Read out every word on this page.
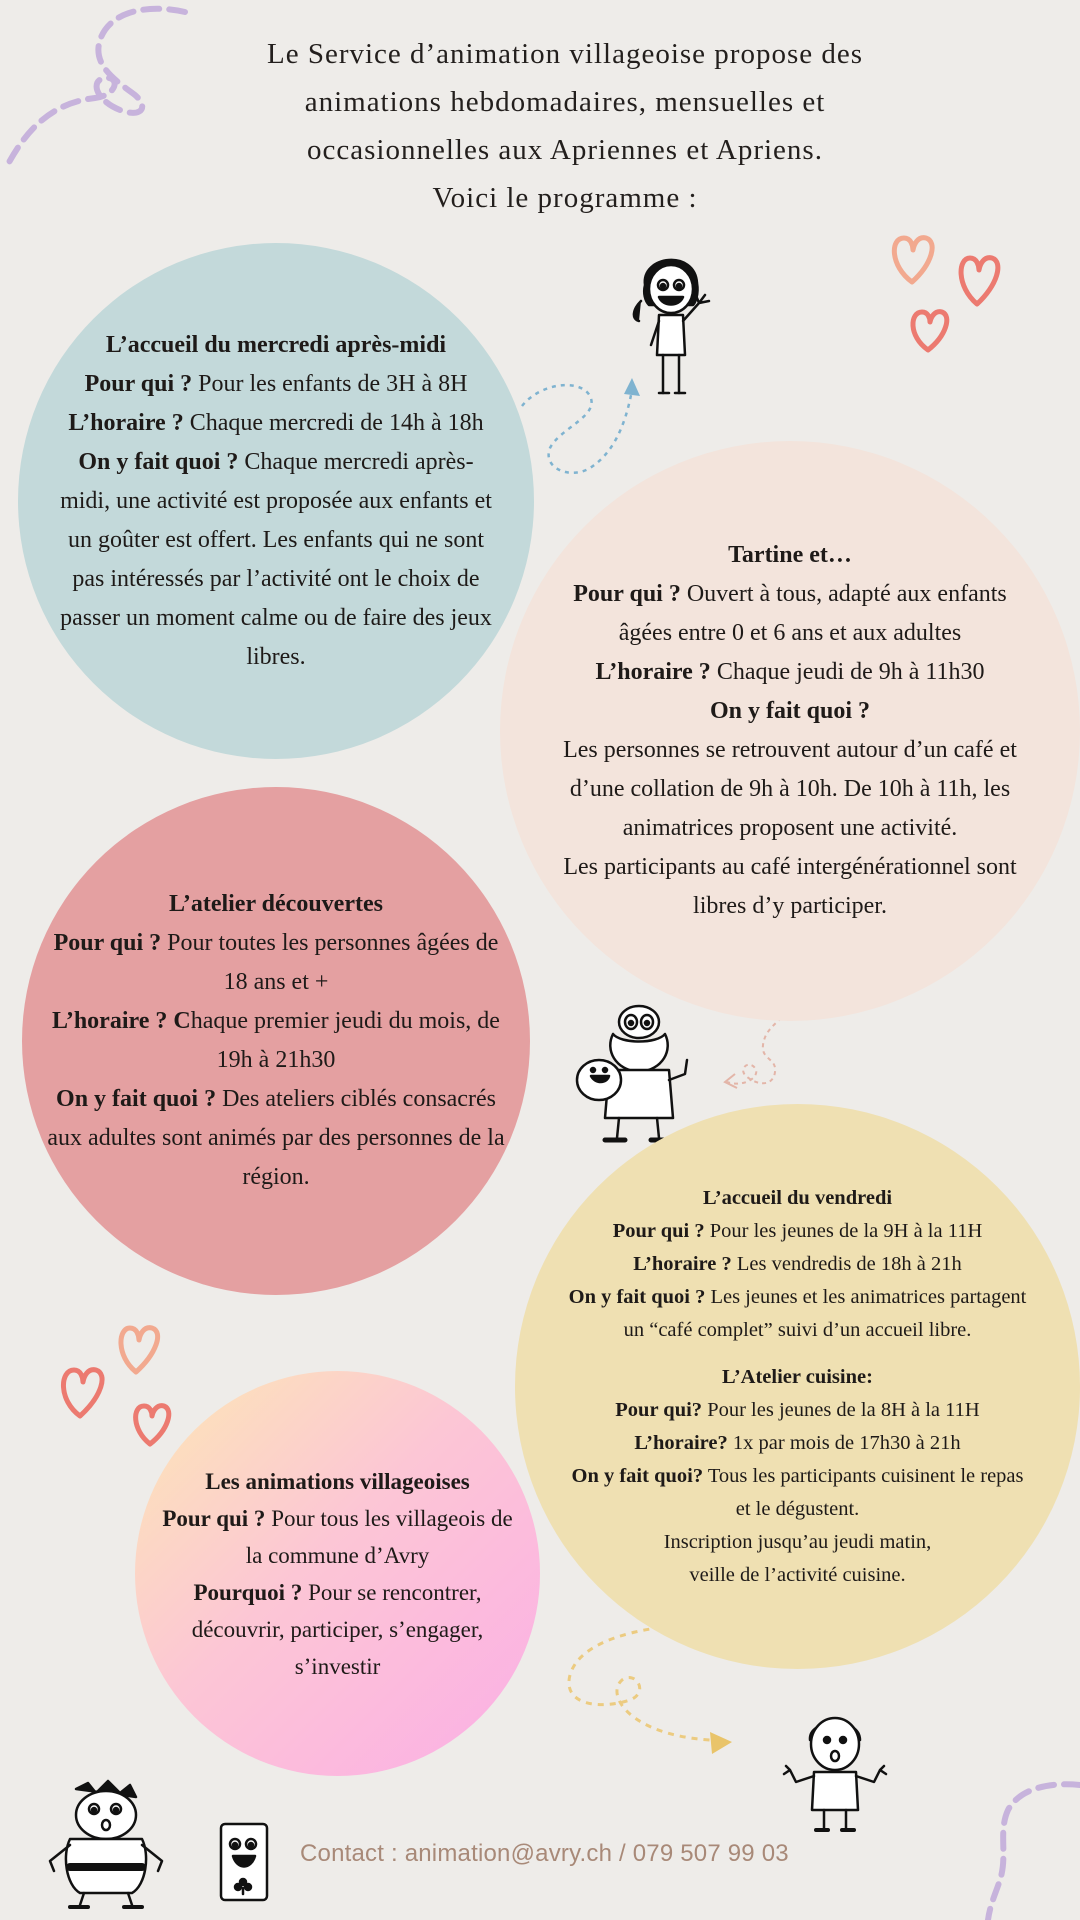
Le Service d’animation villageoise propose des
animations hebdomadaires, mensuelles et
occasionnelles aux Apriennes et Apriens.
Voici le programme :

L’accueil du mercredi après-midi

Pour qui ? Pour les enfants de 3H à 8H

L’horaire ? Chaque mercredi de 14h à 18h

On y fait quoi ? Chaque mercredi après-midi, une activité est proposée aux enfants et un goûter est offert. Les enfants qui ne sont pas intéressés par l’activité ont le choix de passer un moment calme ou de faire des jeux libres.

Tartine et…

Pour qui ? Ouvert à tous, adapté aux enfants âgées entre 0 et 6 ans et aux adultes

L’horaire ? Chaque jeudi de 9h à 11h30

On y fait quoi ?

Les personnes se retrouvent autour d’un café et d’une collation de 9h à 10h. De 10h à 11h, les animatrices proposent une activité.

Les participants au café intergénérationnel sont libres d’y participer.

L’atelier découvertes

Pour qui ? Pour toutes les personnes âgées de 18 ans et +

L’horaire ? Chaque premier jeudi du mois, de 19h à 21h30

On y fait quoi ? Des ateliers ciblés consacrés aux adultes sont animés par des personnes de la région.

L’accueil du vendredi

Pour qui ? Pour les jeunes de la 9H à la 11H

L’horaire ? Les vendredis de 18h à 21h

On y fait quoi ? Les jeunes et les animatrices partagent un “café complet” suivi d’un accueil libre.

L’Atelier cuisine:

Pour qui? Pour les jeunes de la 8H à la 11H

L’horaire? 1x par mois de 17h30 à 21h

On y fait quoi? Tous les participants cuisinent le repas et le dégustent.

Inscription jusqu’au jeudi matin,

veille de l’activité cuisine.

Les animations villageoises

Pour qui ? Pour tous les villageois de la commune d’Avry

Pourquoi ? Pour se rencontrer, découvrir, participer, s’engager, s’investir

Contact : animation@avry.ch / 079 507 99 03
